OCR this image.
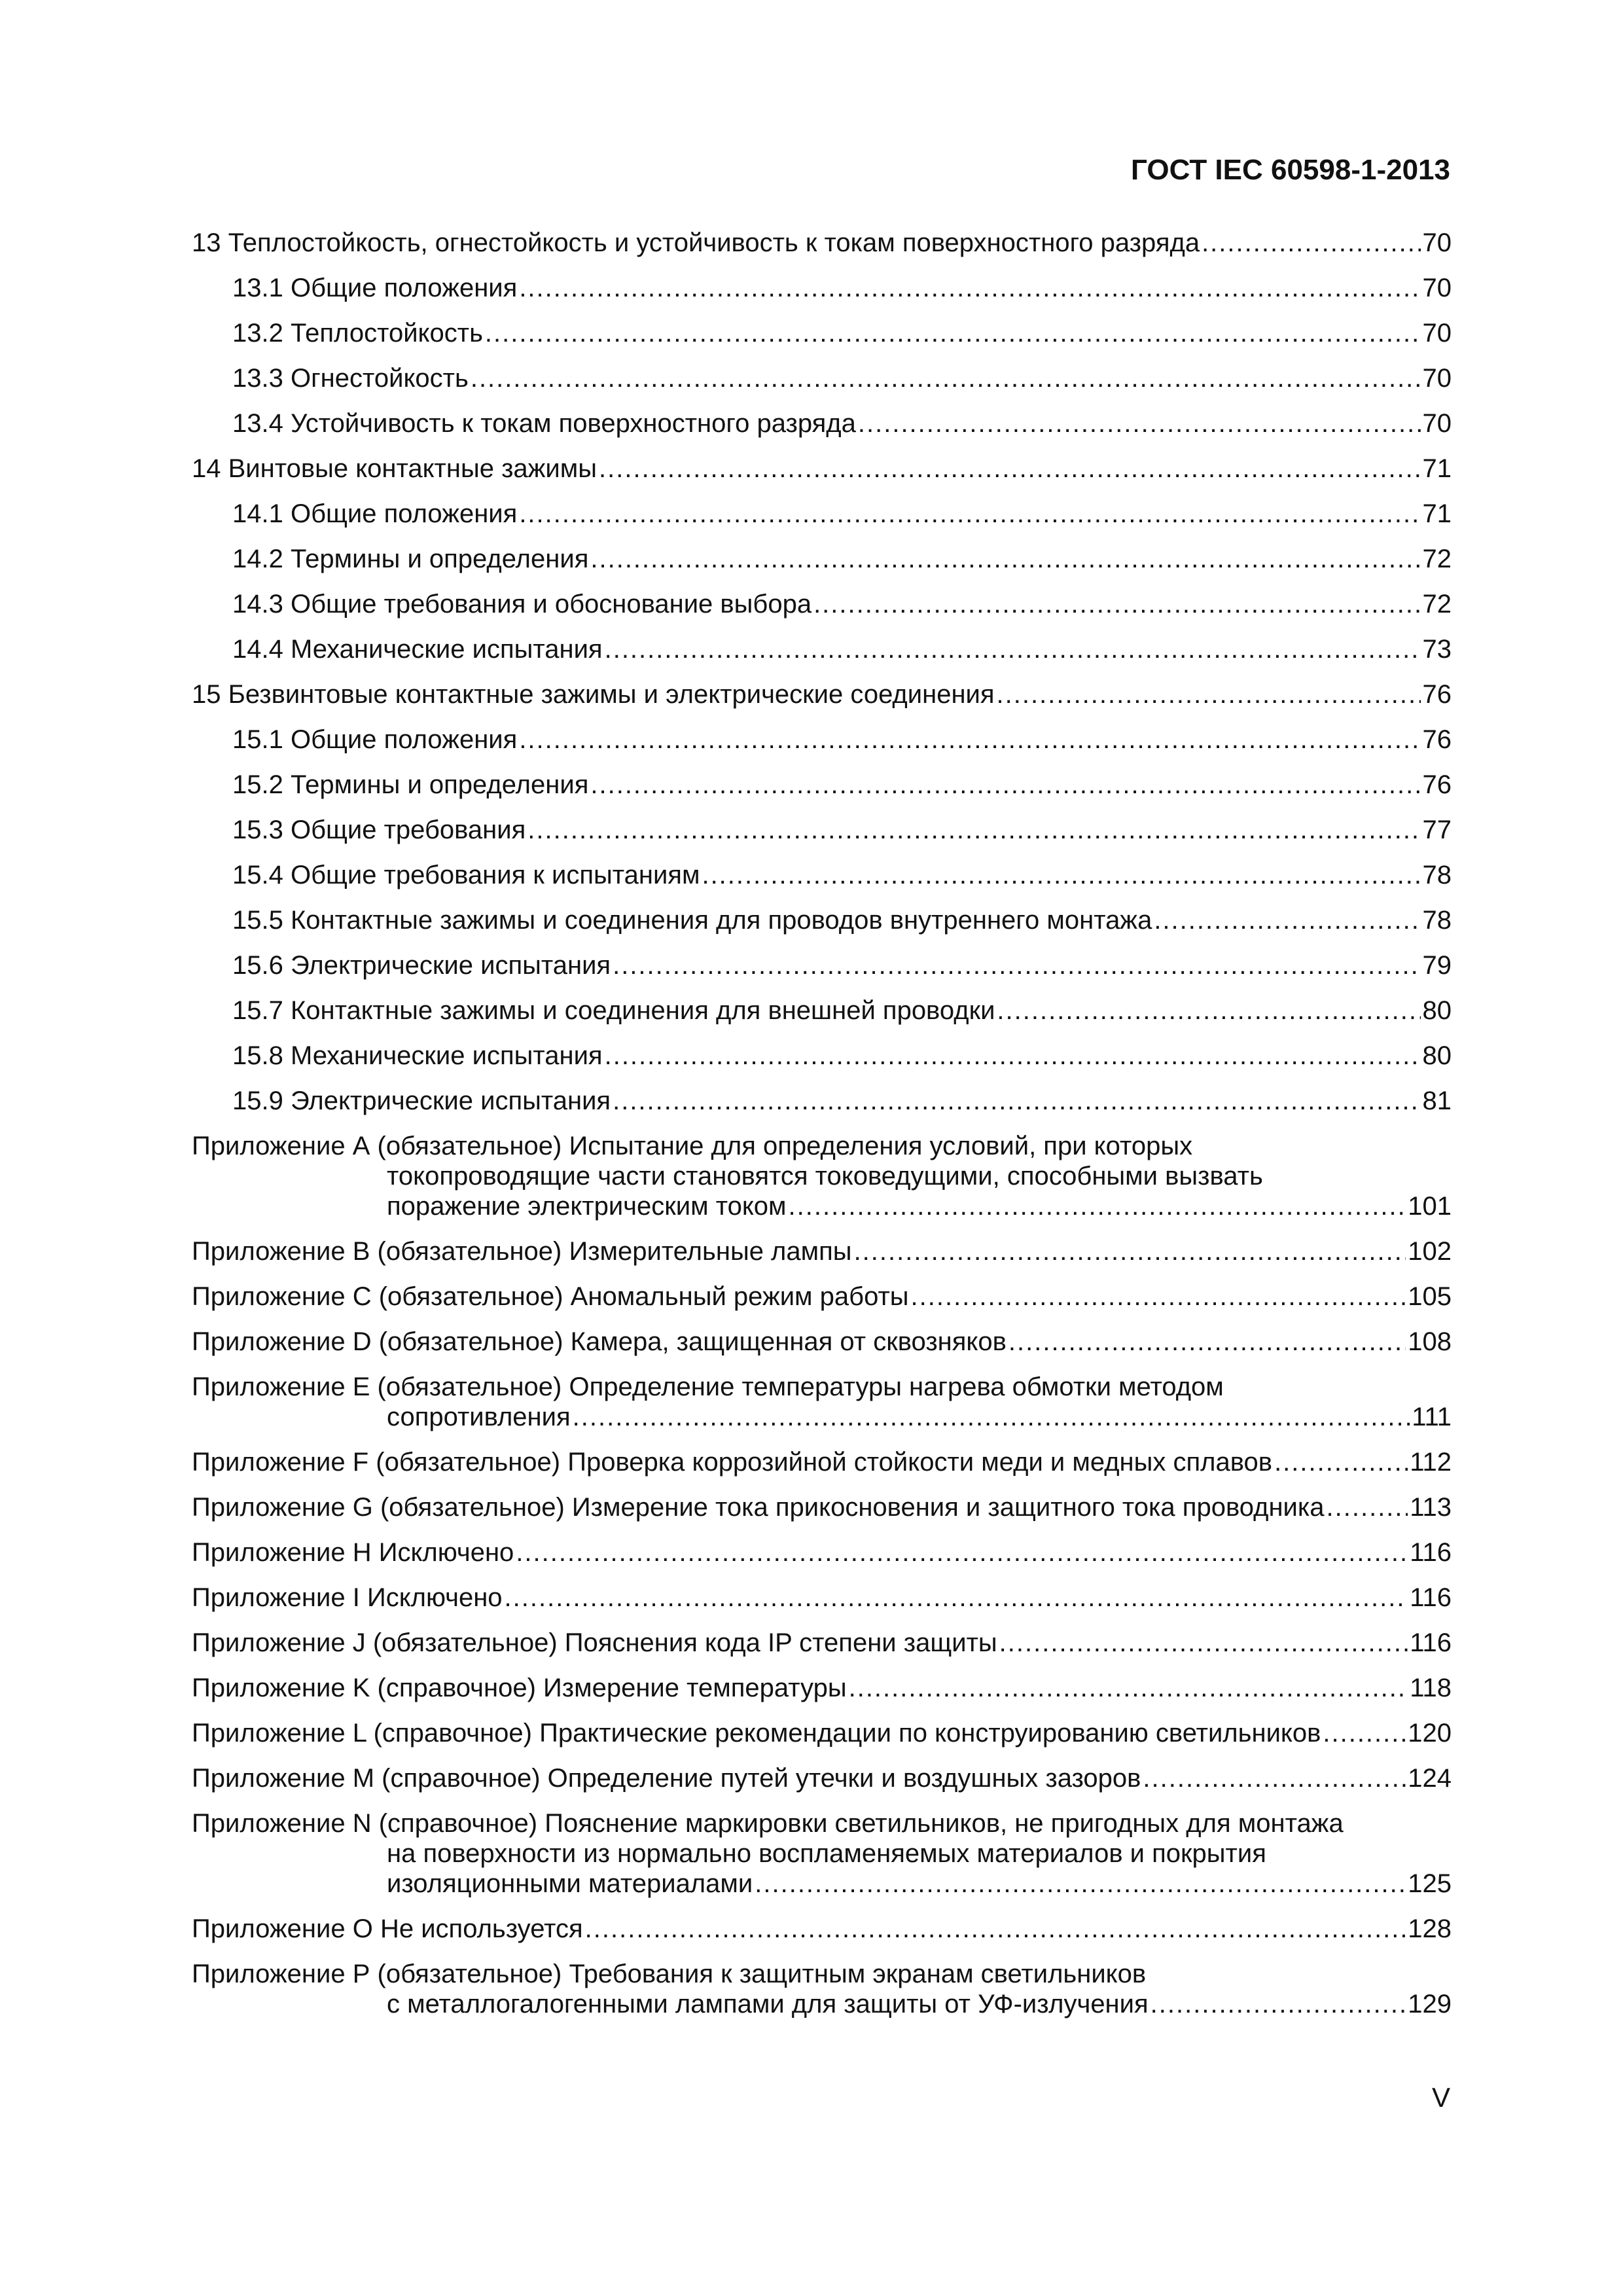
ГОСТ IEC 60598-1-2013
13 Теплостойкость, огнестойкость и устойчивость к токам поверхностного разряда .....	70
13.1 Общие положения .....	70
13.2 Теплостойкость .....	70
13.3 Огнестойкость .....	70
13.4 Устойчивость к токам поверхностного разряда .....	70
14 Винтовые контактные зажимы .....	71
14.1 Общие положения .....	71
14.2 Термины и определения .....	72
14.3 Общие требования и обоснование выбора .....	72
14.4 Механические испытания .....	73
15 Безвинтовые контактные зажимы и электрические соединения .....	76
15.1 Общие положения .....	76
15.2 Термины и определения .....	76
15.3 Общие требования .....	77
15.4 Общие требования к испытаниям .....	78
15.5 Контактные зажимы и соединения для проводов внутреннего монтажа .....	78
15.6 Электрические испытания .....	79
15.7 Контактные зажимы и соединения для внешней проводки .....	80
15.8 Механические испытания .....	80
15.9 Электрические испытания .....	81
Приложение А (обязательное) Испытание для определения условий, при которых
токопроводящие части становятся токоведущими, способными вызвать
поражение электрическим током .....	101
Приложение В (обязательное) Измерительные лампы .....	102
Приложение С (обязательное) Аномальный режим работы .....	105
Приложение D (обязательное) Камера, защищенная от сквозняков .....	108
Приложение Е (обязательное) Определение температуры нагрева обмотки методом
сопротивления .....	111
Приложение F (обязательное) Проверка коррозийной стойкости меди и медных сплавов .....	112
Приложение G (обязательное) Измерение тока прикосновения и защитного тока проводника .....	113
Приложение Н Исключено .....	116
Приложение I Исключено .....	116
Приложение J (обязательное) Пояснения кода IP степени защиты .....	116
Приложение K (справочное) Измерение температуры .....	118
Приложение L (справочное) Практические рекомендации по конструированию светильников .....	120
Приложение М (справочное) Определение путей утечки и воздушных зазоров .....	124
Приложение N (справочное) Пояснение маркировки светильников, не пригодных для монтажа
на поверхности из нормально воспламеняемых материалов и покрытия
изоляционными материалами .....	125
Приложение О Не используется .....	128
Приложение Р (обязательное) Требования к защитным экранам светильников
с металлогалогенными лампами для защиты от УФ-излучения .....	129
V
